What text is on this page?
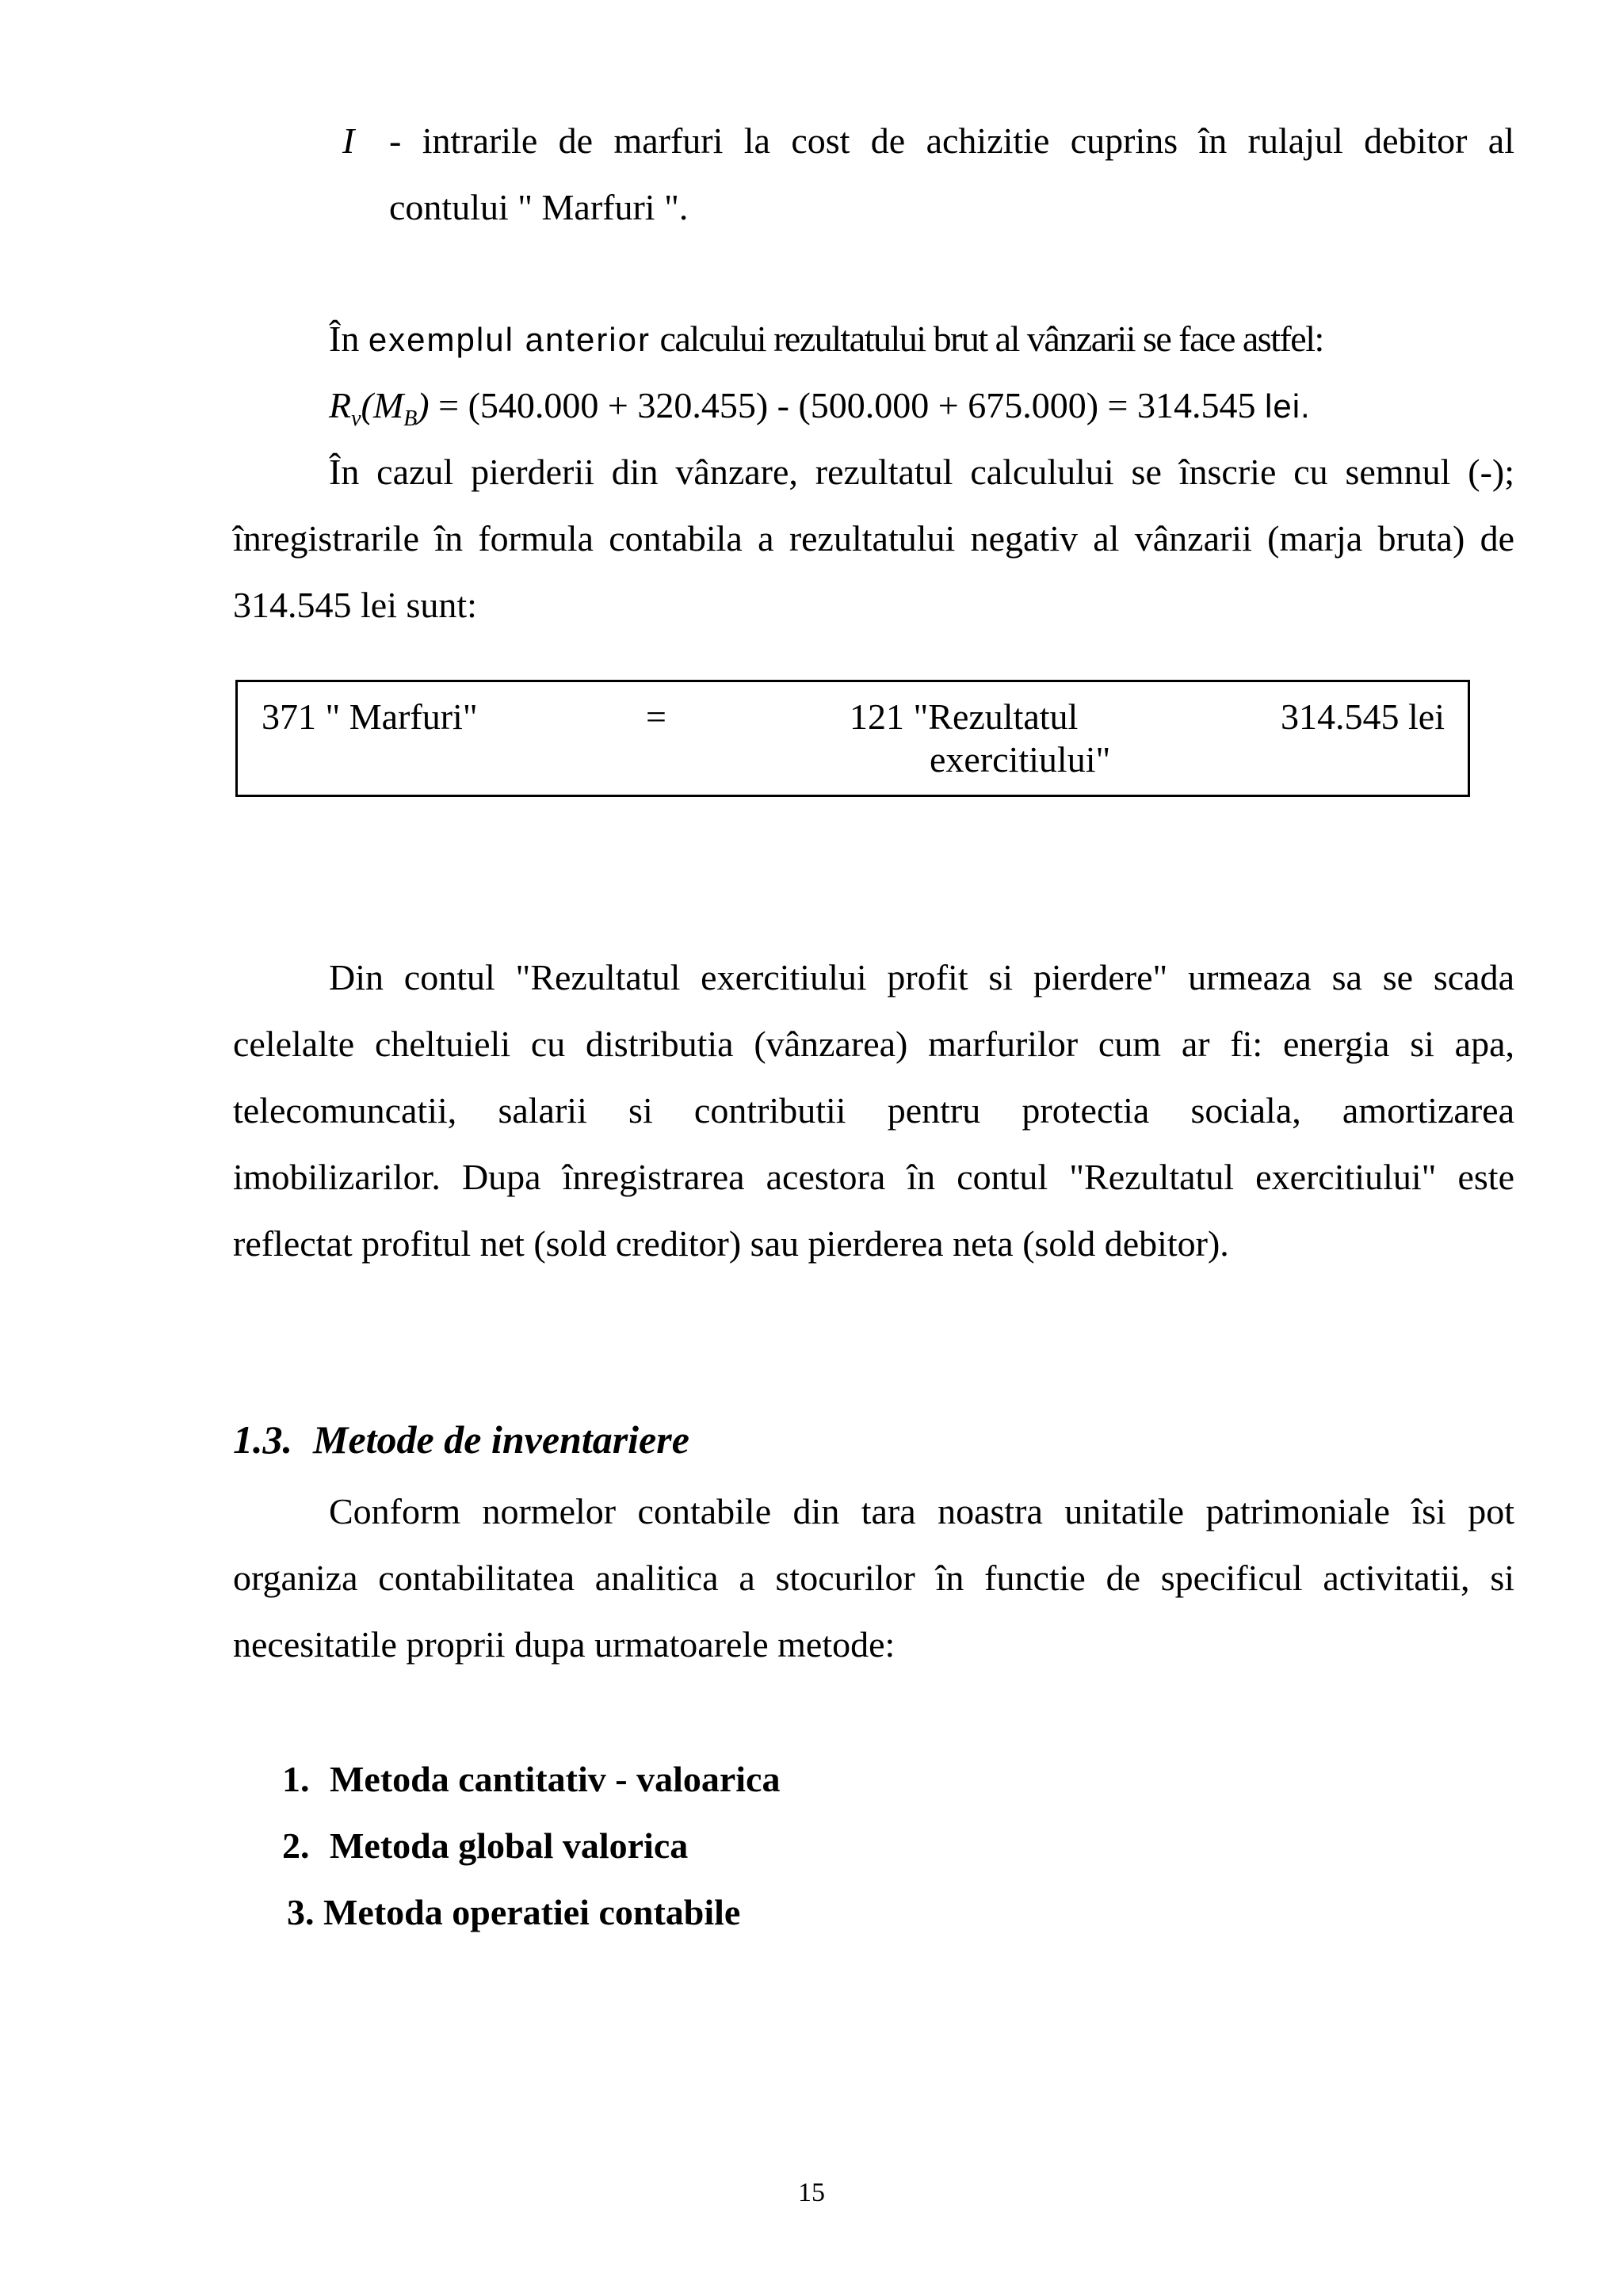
I - intrarile de marfuri la cost de achizitie cuprins în rulajul debitor al
contului " Marfuri ".
În exemplul anterior calcului rezultatului brut al vânzarii se face astfel:
$R_v(M_B) = (540.000 + 320.455) - (500.000 + 675.000) = 314.545$ lei.
În cazul pierderii din vânzare, rezultatul calculului se înscrie cu semnul (-);
înregistrarile în formula contabila a rezultatului negativ al vânzarii (marja bruta) de
314.545 lei sunt:
371 " Marfuri"	=	121 "Rezultatul
exercitiului"
314.545 lei
Din contul "Rezultatul exercitiului profit si pierdere" urmeaza sa se scada
celelalte cheltuieli cu distributia (vânzarea) marfurilor cum ar fi: energia si apa,
telecomuncatii, salarii si contributii pentru protectia sociala, amortizarea
imobilizarilor. Dupa înregistrarea acestora în contul "Rezultatul exercitiului" este
reflectat profitul net (sold creditor) sau pierderea neta (sold debitor).
1.3. Metode de inventariere
Conform normelor contabile din tara noastra unitatile patrimoniale îsi pot
organiza contabilitatea analitica a stocurilor în functie de specificul activitatii, si
necesitatile proprii dupa urmatoarele metode:
1. Metoda cantitativ - valoarica
2. Metoda global valorica
3. Metoda operatiei contabile
15
